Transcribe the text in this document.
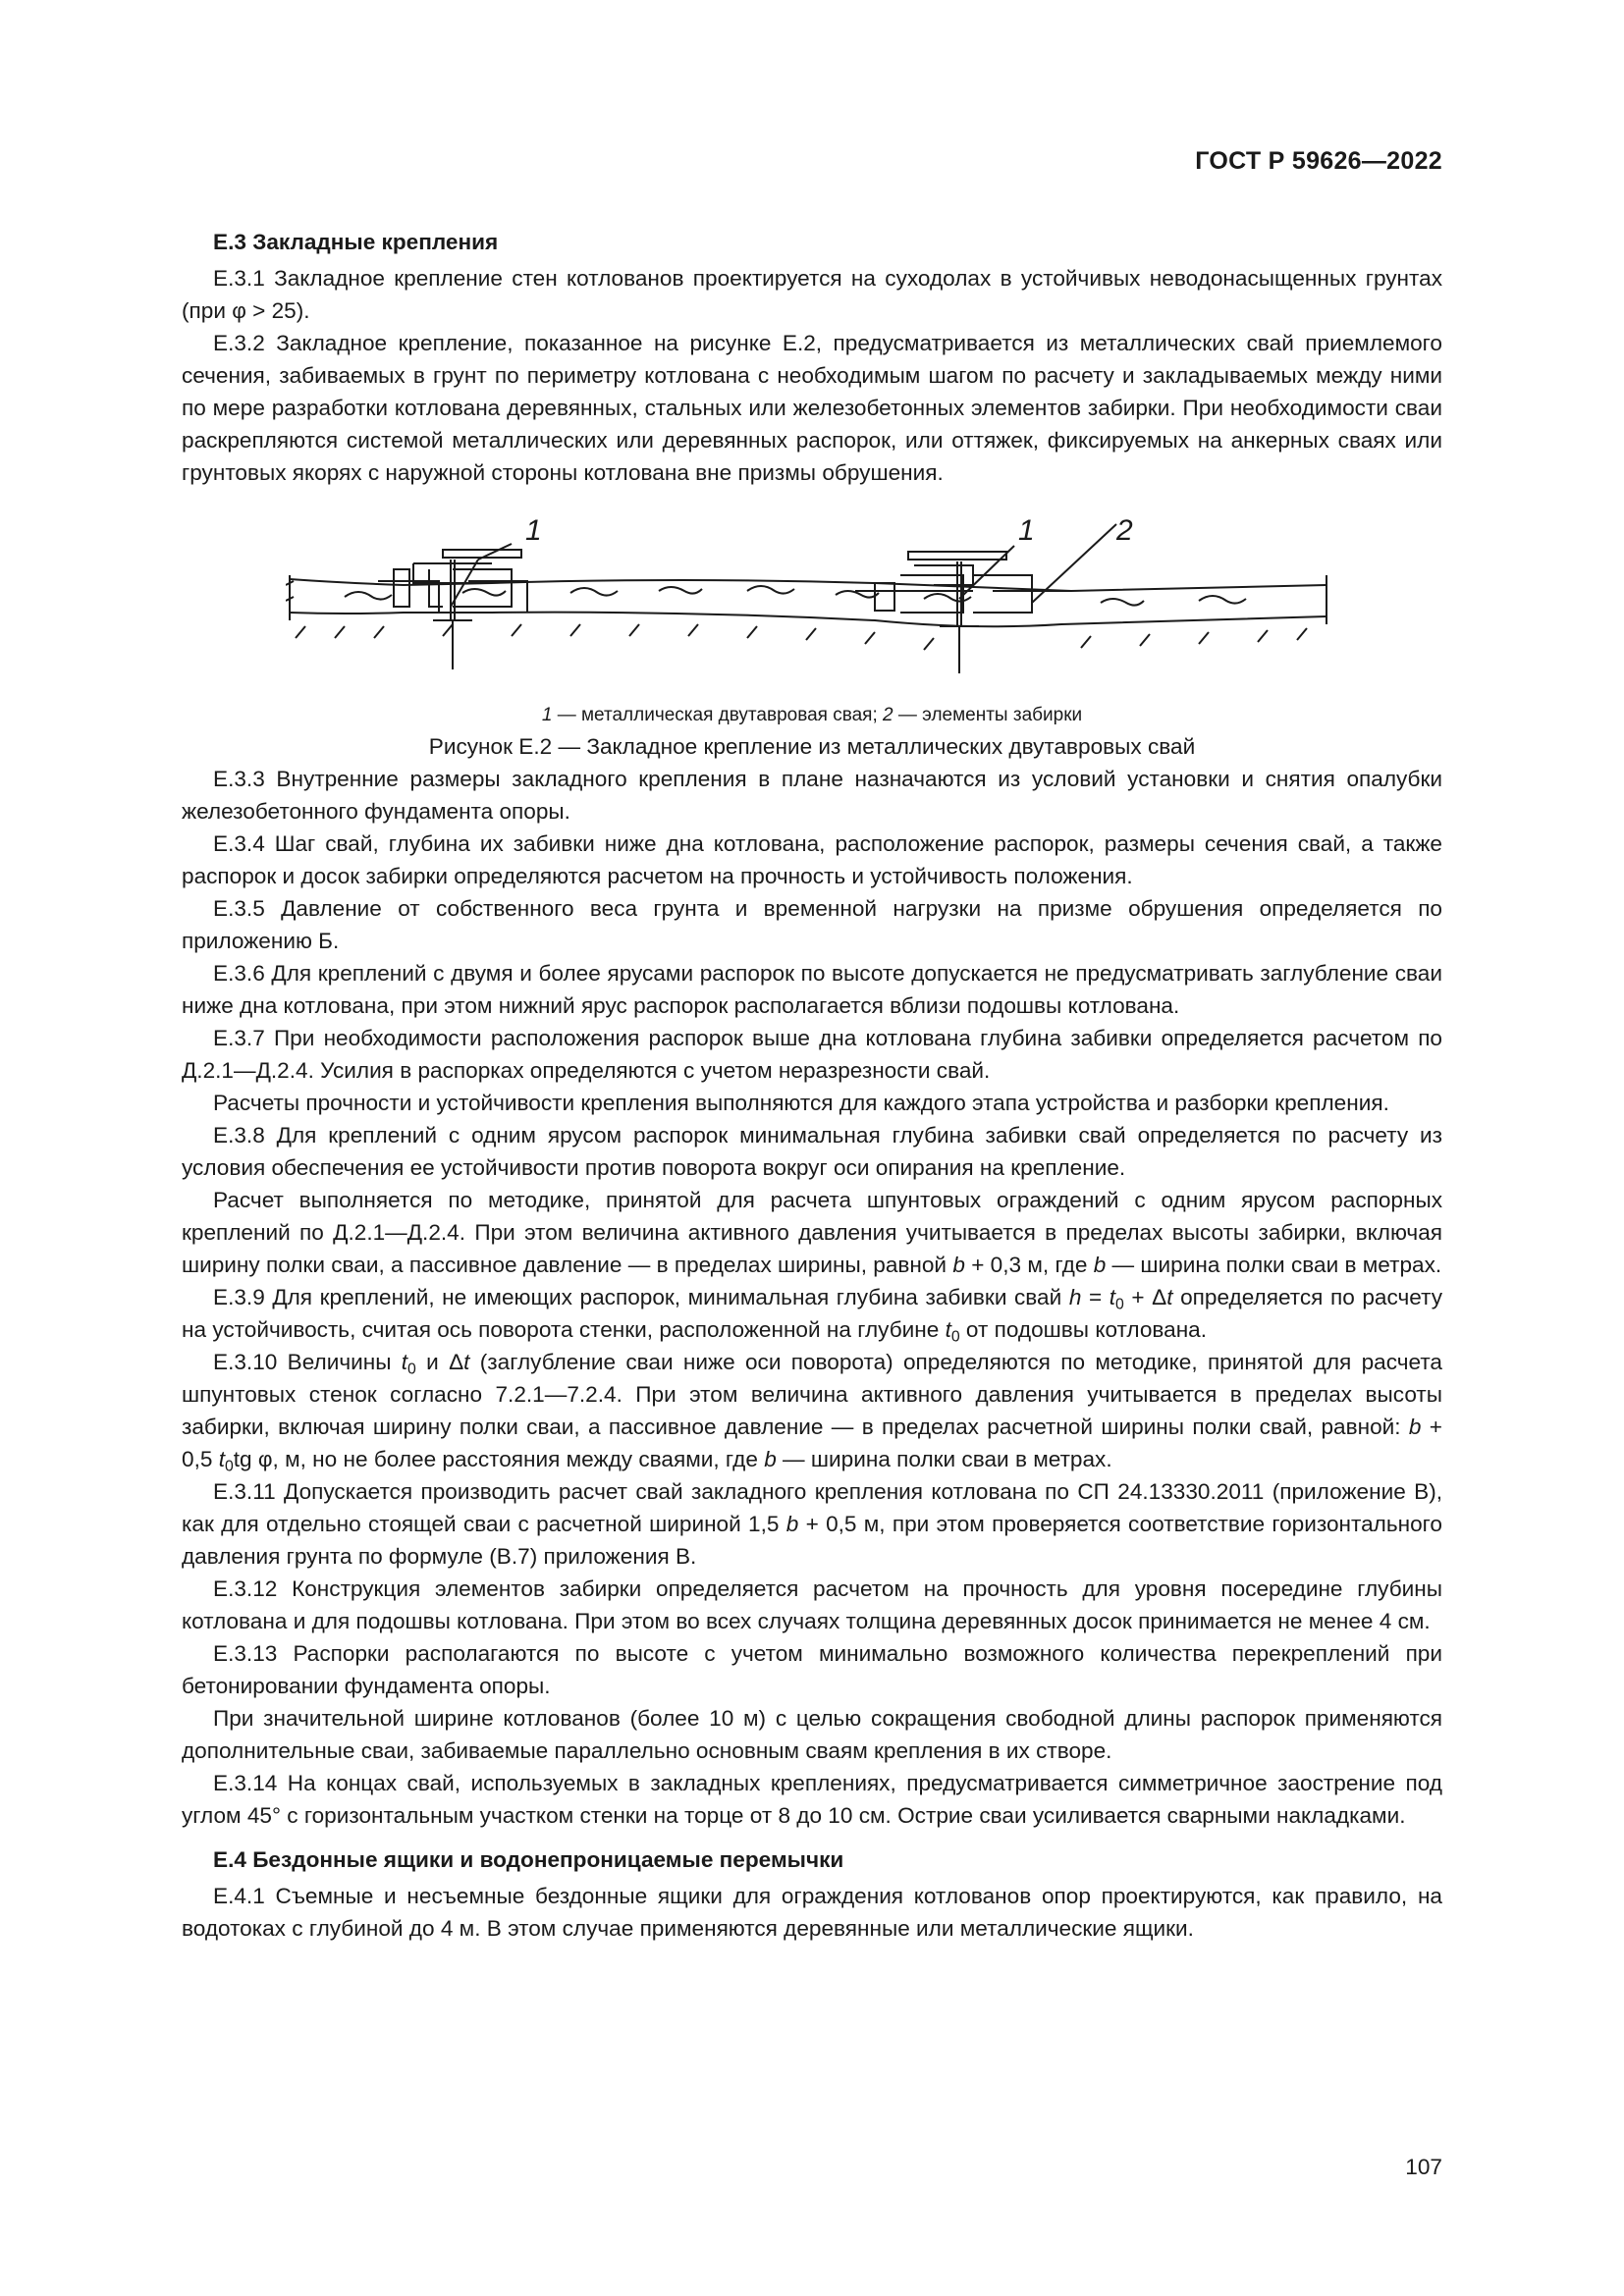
ГОСТ Р 59626—2022
Е.3 Закладные крепления

Е.3.1 Закладное крепление стен котлованов проектируется на суходолах в устойчивых неводонасыщенных грунтах (при φ > 25).

Е.3.2 Закладное крепление, показанное на рисунке Е.2, предусматривается из металлических свай приемлемого сечения, забиваемых в грунт по периметру котлована с необходимым шагом по расчету и закладываемых между ними по мере разработки котлована деревянных, стальных или железобетонных элементов забирки. При необходимости сваи раскрепляются системой металлических или деревянных распорок, или оттяжек, фиксируемых на анкерных сваях или грунтовых якорях с наружной стороны котлована вне призмы обрушения.

1	1	2

1 — металлическая двутавровая свая; 2 — элементы забирки

Рисунок Е.2 — Закладное крепление из металлических двутавровых свай

Е.3.3 Внутренние размеры закладного крепления в плане назначаются из условий установки и снятия опалубки железобетонного фундамента опоры.

Е.3.4 Шаг свай, глубина их забивки ниже дна котлована, расположение распорок, размеры сечения свай, а также распорок и досок забирки определяются расчетом на прочность и устойчивость положения.

Е.3.5 Давление от собственного веса грунта и временной нагрузки на призме обрушения определяется по приложению Б.

Е.3.6 Для креплений с двумя и более ярусами распорок по высоте допускается не предусматривать заглубление сваи ниже дна котлована, при этом нижний ярус распорок располагается вблизи подошвы котлована.

Е.3.7 При необходимости расположения распорок выше дна котлована глубина забивки определяется расчетом по Д.2.1—Д.2.4. Усилия в распорках определяются с учетом неразрезности свай.

Расчеты прочности и устойчивости крепления выполняются для каждого этапа устройства и разборки крепления.

Е.3.8 Для креплений с одним ярусом распорок минимальная глубина забивки свай определяется по расчету из условия обеспечения ее устойчивости против поворота вокруг оси опирания на крепление.

Расчет выполняется по методике, принятой для расчета шпунтовых ограждений с одним ярусом распорных креплений по Д.2.1—Д.2.4. При этом величина активного давления учитывается в пределах высоты забирки, включая ширину полки сваи, а пассивное давление — в пределах ширины, равной b + 0,3 м, где b — ширина полки сваи в метрах.

Е.3.9 Для креплений, не имеющих распорок, минимальная глубина забивки свай $h = t_0 + \Delta t$ определяется по расчету на устойчивость, считая ось поворота стенки, расположенной на глубине $t_0$ от подошвы котлована.

Е.3.10 Величины $t_0$ и Δt (заглубление сваи ниже оси поворота) определяются по методике, принятой для расчета шпунтовых стенок согласно 7.2.1—7.2.4. При этом величина активного давления учитывается в пределах высоты забирки, включая ширину полки сваи, а пассивное давление — в пределах расчетной ширины полки свай, равной: b + 0,5 $t_0tg$ φ, м, но не более расстояния между сваями, где b — ширина полки сваи в метрах.

Е.3.11 Допускается производить расчет свай закладного крепления котлована по СП 24.13330.2011 (приложение В), как для отдельно стоящей сваи с расчетной шириной 1,5 b + 0,5 м, при этом проверяется соответствие горизонтального давления грунта по формуле (В.7) приложения В.

Е.3.12 Конструкция элементов забирки определяется расчетом на прочность для уровня посередине глубины котлована и для подошвы котлована. При этом во всех случаях толщина деревянных досок принимается не менее 4 см.

Е.3.13 Распорки располагаются по высоте с учетом минимально возможного количества перекреплений при бетонировании фундамента опоры.

При значительной ширине котлованов (более 10 м) с целью сокращения свободной длины распорок применяются дополнительные сваи, забиваемые параллельно основным сваям крепления в их створе.

Е.3.14 На концах свай, используемых в закладных креплениях, предусматривается симметричное заострение под углом 45° с горизонтальным участком стенки на торце от 8 до 10 см. Острие сваи усиливается сварными накладками.

Е.4 Бездонные ящики и водонепроницаемые перемычки

Е.4.1 Съемные и несъемные бездонные ящики для ограждения котлованов опор проектируются, как правило, на водотоках с глубиной до 4 м. В этом случае применяются деревянные или металлические ящики.

107
